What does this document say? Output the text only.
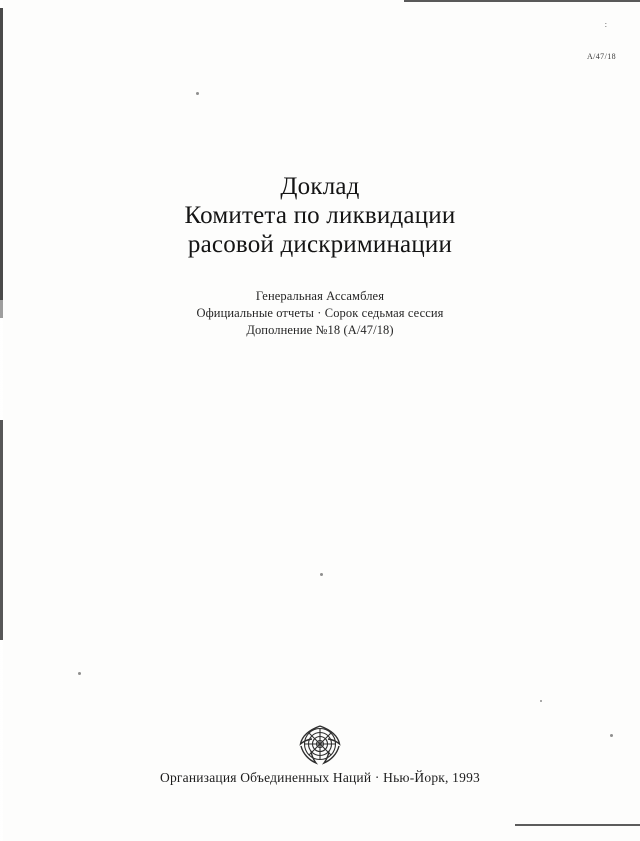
:
A/47/18
Доклад
Комитета по ликвидации
расовой дискриминации
Генеральная Ассамблея
Официальные отчеты · Сорок седьмая сессия
Дополнение №18 (A/47/18)
Организация Объединенных Наций · Нью-Йорк, 1993
